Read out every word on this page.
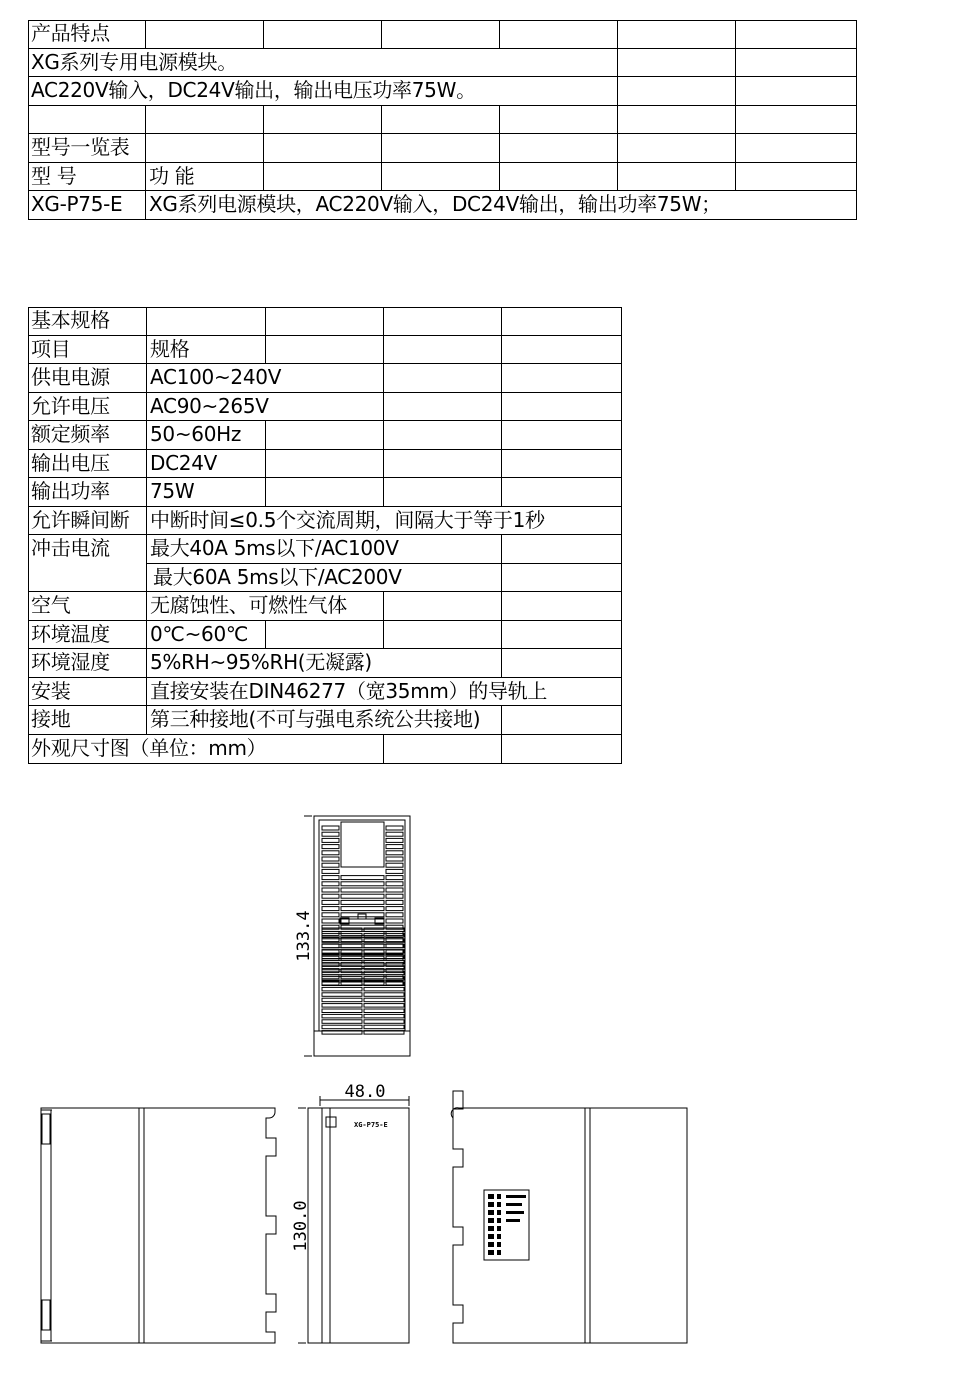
产品特点
XG系列专用电源模块。
AC220V输入，DC24V输出，输出电压功率75W。
型号一览表
型 号	功 能
XG-P75-E	XG系列电源模块，AC220V输入，DC24V输出，输出功率75W；
基本规格
项目	规格
供电电源	AC100~240V
允许电压	AC90~265V
额定频率	50~60Hz
输出电压	DC24V
输出功率	75W
允许瞬间断	中断时间≤0.5个交流周期，间隔大于等于1秒
冲击电流	最大40A 5ms以下/AC100V
最大60A 5ms以下/AC200V
空气	无腐蚀性、可燃性气体
环境温度	0℃~60℃
环境湿度	5%RH~95%RH(无凝露)
安装	直接安装在DIN46277（宽35mm）的导轨上
接地	第三种接地(不可与强电系统公共接地)
外观尺寸图（单位：mm）
48.0
133.4
130.0
XG-P75-E
